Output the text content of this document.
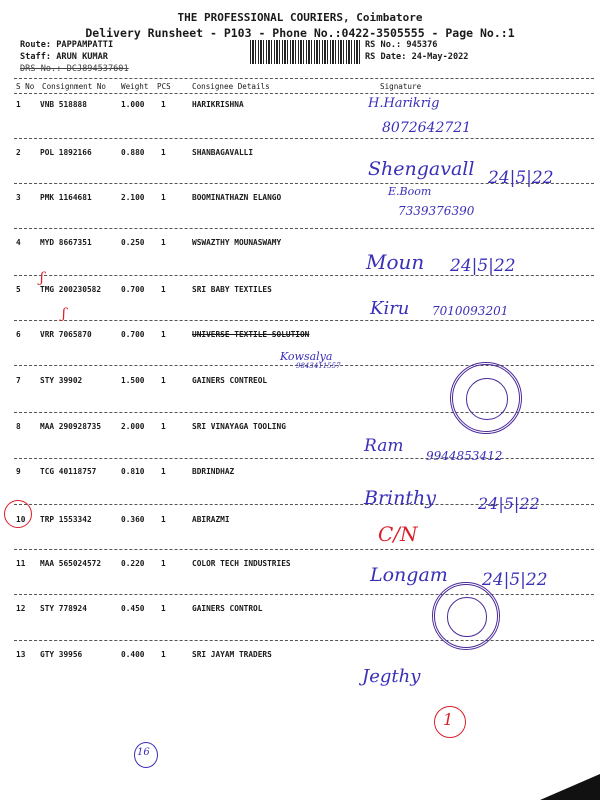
THE PROFESSIONAL COURIERS, Coimbatore
Delivery Runsheet - P103 - Phone No.:0422-3505555 - Page No.:1
Route: PAPPAMPATTI
Staff: ARUN KUMAR
DRS No.: DCJ894537601
RS No.: 945376
RS Date: 24-May-2022
S No Consignment No Weight PCS	Consignee Details	Signature
1 VNB 518888	1.000 1	HARIKRISHNA
2 POL 1892166	0.880 1	SHANBAGAVALLI
3 PMK 1164681	2.100 1	BOOMINATHAZN ELANGO
4 MYD 8667351	0.250 1	WSWAZTHY MOUNASWAMY
5 TMG 200230582	0.700 1	SRI BABY TEXTILES
6 VRR 7065870	0.700 1	UNIVERSE TEXTILE SOLUTION
7 STY 39902	1.500 1	GAINERS CONTREOL
8 MAA 290928735	2.000 1	SRI VINAYAGA TOOLING
9 TCG 40118757	0.810 1	BDRINDHAZ
10 TRP 1553342	0.360 1	ABIRAZMI
11 MAA 565024572	0.220 1	COLOR TECH INDUSTRIES
12 STY 778924	0.450 1	GAINERS CONTROL
13 GTY 39956	0.400 1	SRI JAYAM TRADERS
H.Harikrig
8072642721
Shengavall 24|5|22
E.Boom
7339376390
Moun 24|5|22
Kiru 7010093201
Kowsalya
9843411557
Ram 9944853412
Brinthy	24|5|22
C/N
Longam 24|5|22
Jegthy
1
16
ʃ
ʃ
